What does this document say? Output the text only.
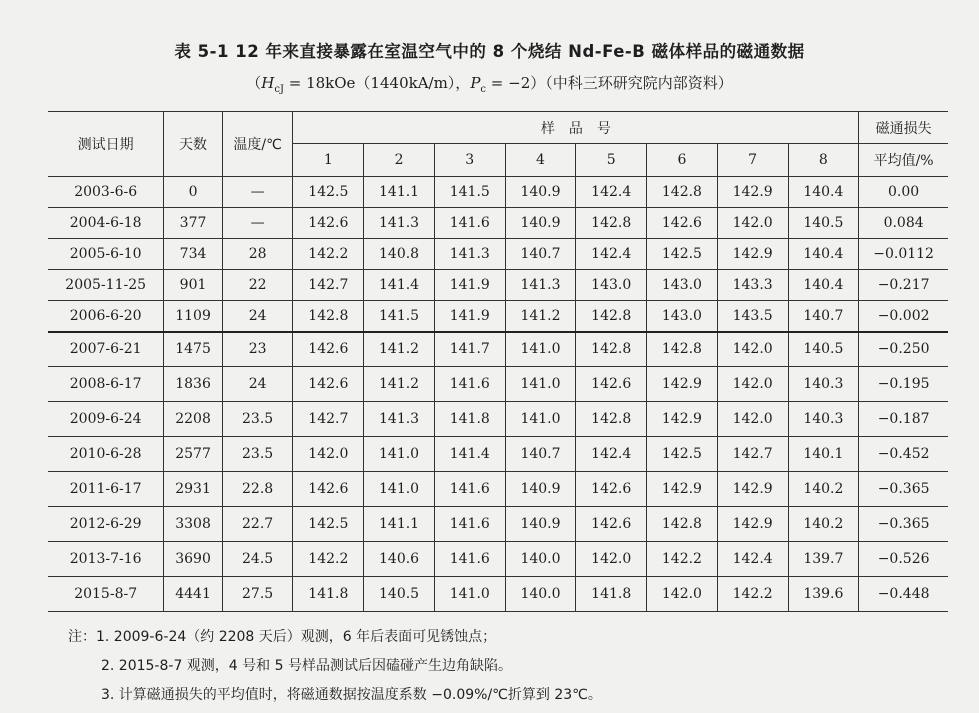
表 5-1 12 年来直接暴露在室温空气中的 8 个烧结 Nd-Fe-B 磁体样品的磁通数据
（$H_{cJ} = 18kOe(1440kA/m)$，$P_c = -2$）（中科三环研究院内部资料）
测试日期	天数	温度/℃	样　品　号								磁通损失
			1	2	3	4	5	6	7	8	平均值/%
2003-6-6	0	—	142.5	141.1	141.5	140.9	142.4	142.8	142.9	140.4	0.00
2004-6-18	377	—	142.6	141.3	141.6	140.9	142.8	142.6	142.0	140.5	0.084
2005-6-10	734	28	142.2	140.8	141.3	140.7	142.4	142.5	142.9	140.4	−0.0112
2005-11-25	901	22	142.7	141.4	141.9	141.3	143.0	143.0	143.3	140.4	−0.217
2006-6-20	1109	24	142.8	141.5	141.9	141.2	142.8	143.0	143.5	140.7	−0.002
2007-6-21	1475	23	142.6	141.2	141.7	141.0	142.8	142.8	142.0	140.5	−0.250
2008-6-17	1836	24	142.6	141.2	141.6	141.0	142.6	142.9	142.0	140.3	−0.195
2009-6-24	2208	23.5	142.7	141.3	141.8	141.0	142.8	142.9	142.0	140.3	−0.187
2010-6-28	2577	23.5	142.0	141.0	141.4	140.7	142.4	142.5	142.7	140.1	−0.452
2011-6-17	2931	22.8	142.6	141.0	141.6	140.9	142.6	142.9	142.9	140.2	−0.365
2012-6-29	3308	22.7	142.5	141.1	141.6	140.9	142.6	142.8	142.9	140.2	−0.365
2013-7-16	3690	24.5	142.2	140.6	141.6	140.0	142.0	142.2	142.4	139.7	−0.526
2015-8-7	4441	27.5	141.8	140.5	141.0	140.0	141.8	142.0	142.2	139.6	−0.448
注：1. 2009-6-24（约 2208 天后）观测，6 年后表面可见锈蚀点；
2. 2015-8-7 观测，4 号和 5 号样品测试后因磕碰产生边角缺陷。
3. 计算磁通损失的平均值时，将磁通数据按温度系数 −0.09%/℃折算到 23℃。
